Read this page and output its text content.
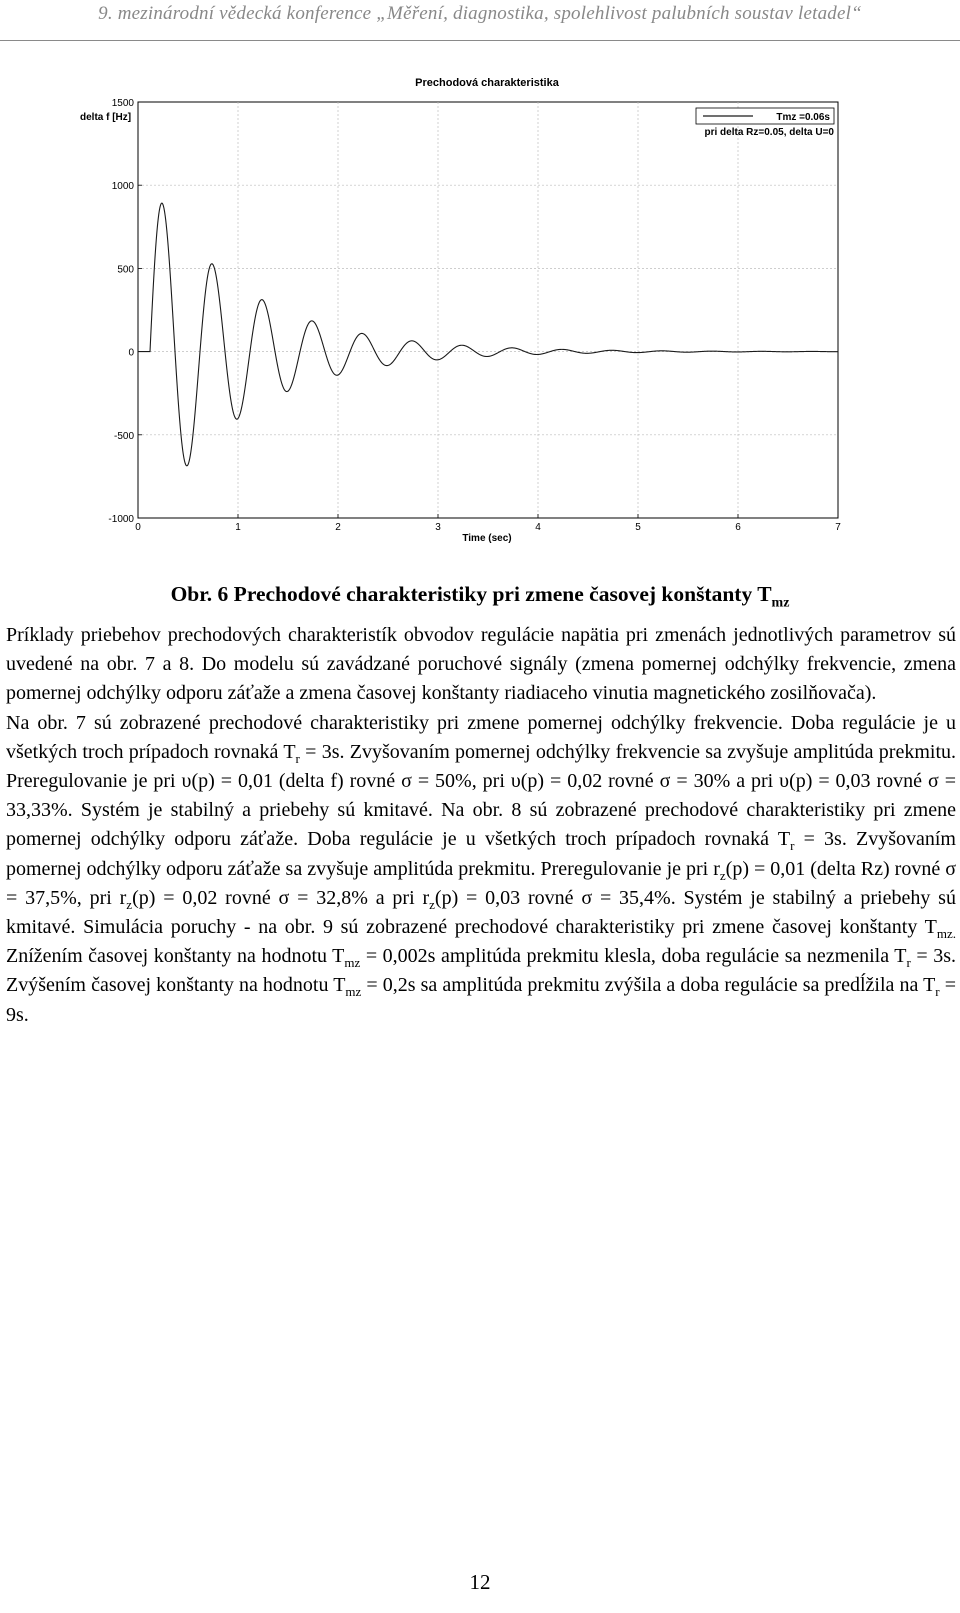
9. mezinárodní vědecká konference „Měření, diagnostika, spolehlivost palubních soustav letadel“
Prechodová charakteristika
delta f [Hz]
Time (sec)
0	1	2	3	4	5	6	7
-1000
-500
0
500
1000
1500
Tmz =0.06s
pri delta Rz=0.05, delta U=0
Obr. 6 Prechodové charakteristiky pri zmene časovej konštanty $T_{mz}$

Príklady priebehov prechodových charakteristík obvodov regulácie napätia pri zmenách jednotlivých parametrov sú uvedené na obr. 7 a 8. Do modelu sú zavádzané poruchové signály (zmena pomernej odchýlky frekvencie, zmena pomernej odchýlky odporu záťaže a zmena časovej konštanty riadiaceho vinutia magnetického zosilňovača).

Na obr. 7 sú zobrazené prechodové charakteristiky pri zmene pomernej odchýlky frekvencie. Doba regulácie je u všetkých troch prípadoch rovnaká $T_r = 3s$. Zvyšovaním pomernej odchýlky frekvencie sa zvyšuje amplitúda prekmitu. Preregulovanie je pri υ(p) = 0,01 (delta f) rovné σ = 50%, pri υ(p) = 0,02 rovné σ = 30% a pri υ(p) = 0,03 rovné σ = 33,33%. Systém je stabilný a priebehy sú kmitavé. Na obr. 8 sú zobrazené prechodové charakteristiky pri zmene pomernej odchýlky odporu záťaže. Doba regulácie je u všetkých troch prípadoch rovnaká $T_r = 3s$. Zvyšovaním pomernej odchýlky odporu záťaže sa zvyšuje amplitúda prekmitu. Preregulovanie je pri $r_z(p) = 0,01$ (delta Rz) rovné σ = 37,5%, pri $r_z(p) = 0,02$ rovné σ = 32,8% a pri $r_z(p) = 0,03$ rovné σ = 35,4%. Systém je stabilný a priebehy sú kmitavé. Simulácia poruchy - na obr. 9 sú zobrazené prechodové charakteristiky pri zmene časovej konštanty $T_{mz.}$ Znížením časovej konštanty na hodnotu $T_{mz} = 0,002s$ amplitúda prekmitu klesla, doba regulácie sa nezmenila $T_r = 3s$. Zvýšením časovej konštanty na hodnotu $T_{mz} = 0,2s$ sa amplitúda prekmitu zvýšila a doba regulácie sa predĺžila na $T_r = 9s$.

12
